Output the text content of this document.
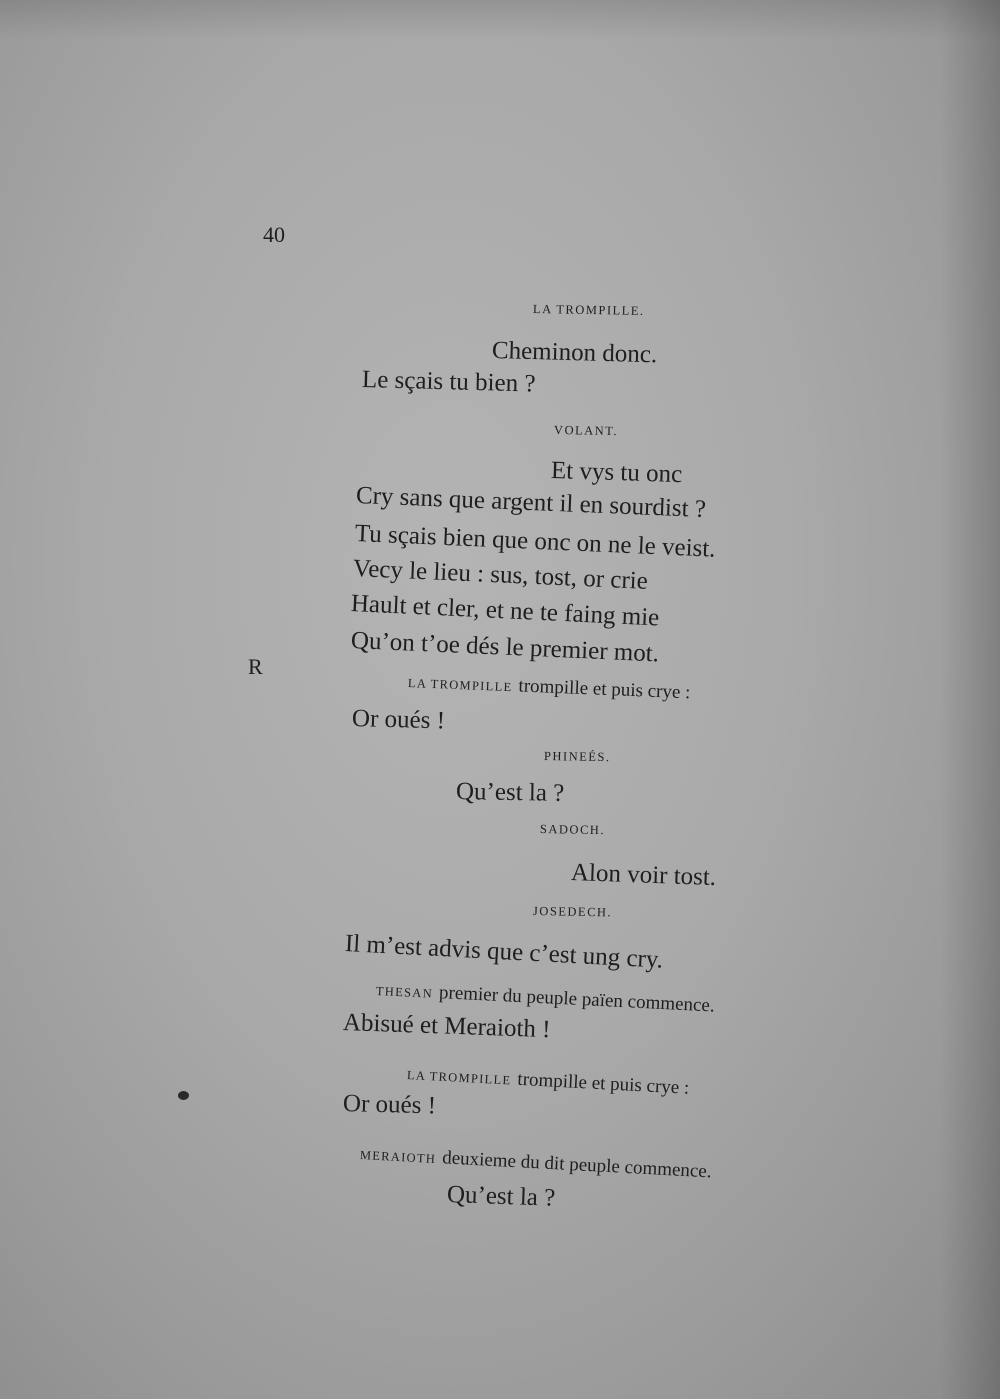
40
R
LA TROMPILLE.
Cheminon donc.
Le sçais tu bien ?
VOLANT.
Et vys tu onc
Cry sans que argent il en sourdist ?
Tu sçais bien que onc on ne le veist.
Vecy le lieu : sus, tost, or crie
Hault et cler, et ne te faing mie
Qu’on t’oe dés le premier mot.
LA TROMPILLE trompille et puis crye :
Or oués !
PHINEÉS.
Qu’est la ?
SADOCH.
Alon voir tost.
JOSEDECH.
Il m’est advis que c’est ung cry.
THESAN premier du peuple païen commence.
Abisué et Meraioth !
LA TROMPILLE trompille et puis crye :
Or oués !
MERAIOTH deuxieme du dit peuple commence.
Qu’est la ?
